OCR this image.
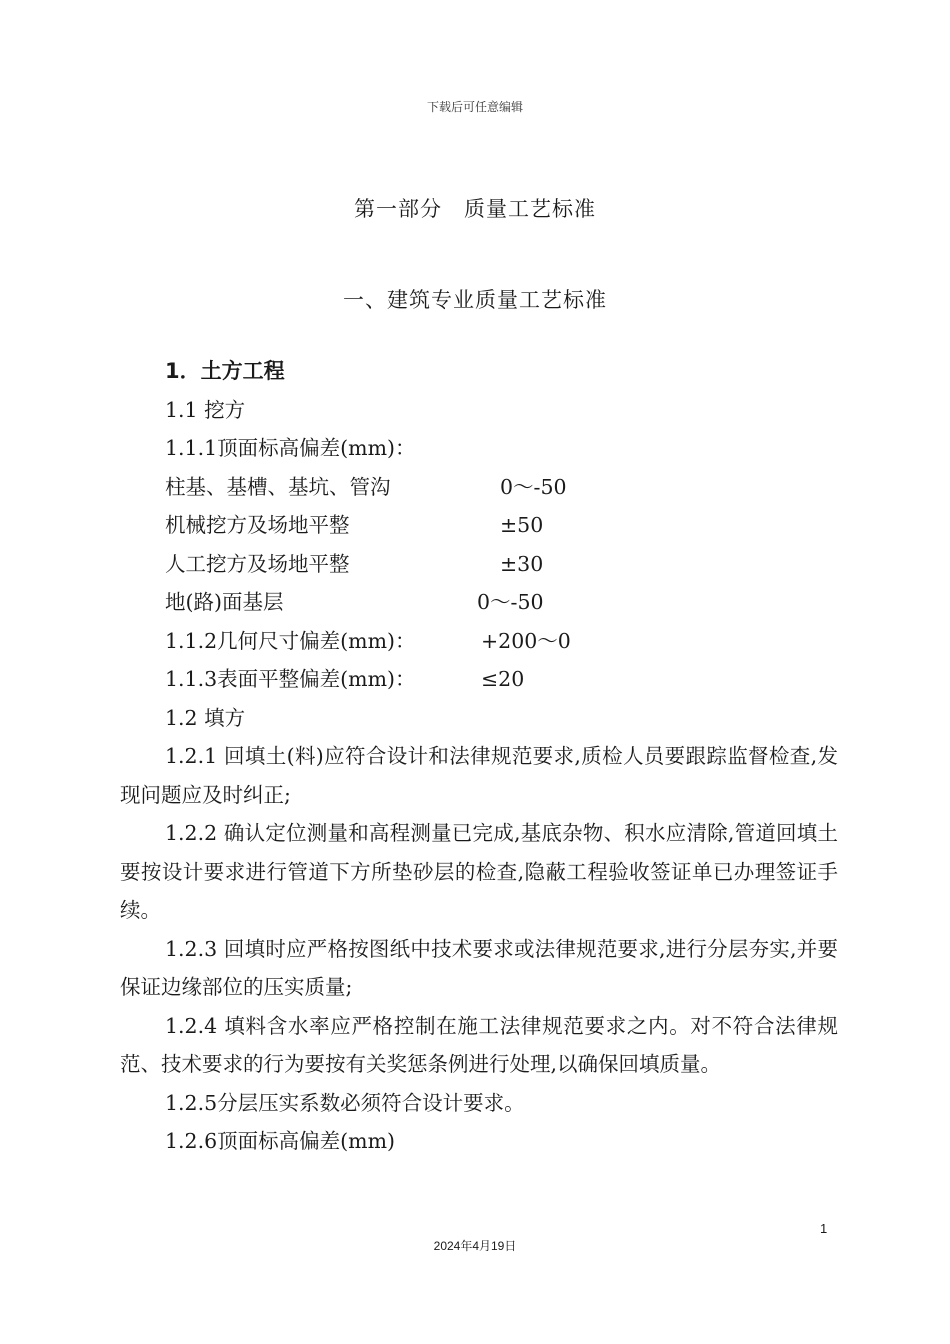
下载后可任意编辑
第一部分　质量工艺标准
一、建筑专业质量工艺标准
1．土方工程
1.1 挖方
1.1.1顶面标高偏差(mm)：
柱基、基槽、基坑、管沟	0～-50
机械挖方及场地平整	±50
人工挖方及场地平整	±30
地(路)面基层	0～-50
1.1.2几何尺寸偏差(mm)：	+200～0
1.1.3表面平整偏差(mm)：	≤20
1.2 填方
1.2.1 回填土(料)应符合设计和法律规范要求,质检人员要跟踪监督检查,发现问题应及时纠正;
1.2.2 确认定位测量和高程测量已完成,基底杂物、积水应清除,管道回填土要按设计要求进行管道下方所垫砂层的检查,隐蔽工程验收签证单已办理签证手续。
1.2.3 回填时应严格按图纸中技术要求或法律规范要求,进行分层夯实,并要保证边缘部位的压实质量;
1.2.4 填料含水率应严格控制在施工法律规范要求之内。对不符合法律规范、技术要求的行为要按有关奖惩条例进行处理,以确保回填质量。
1.2.5分层压实系数必须符合设计要求。
1.2.6顶面标高偏差(mm)
1
2024年4月19日
